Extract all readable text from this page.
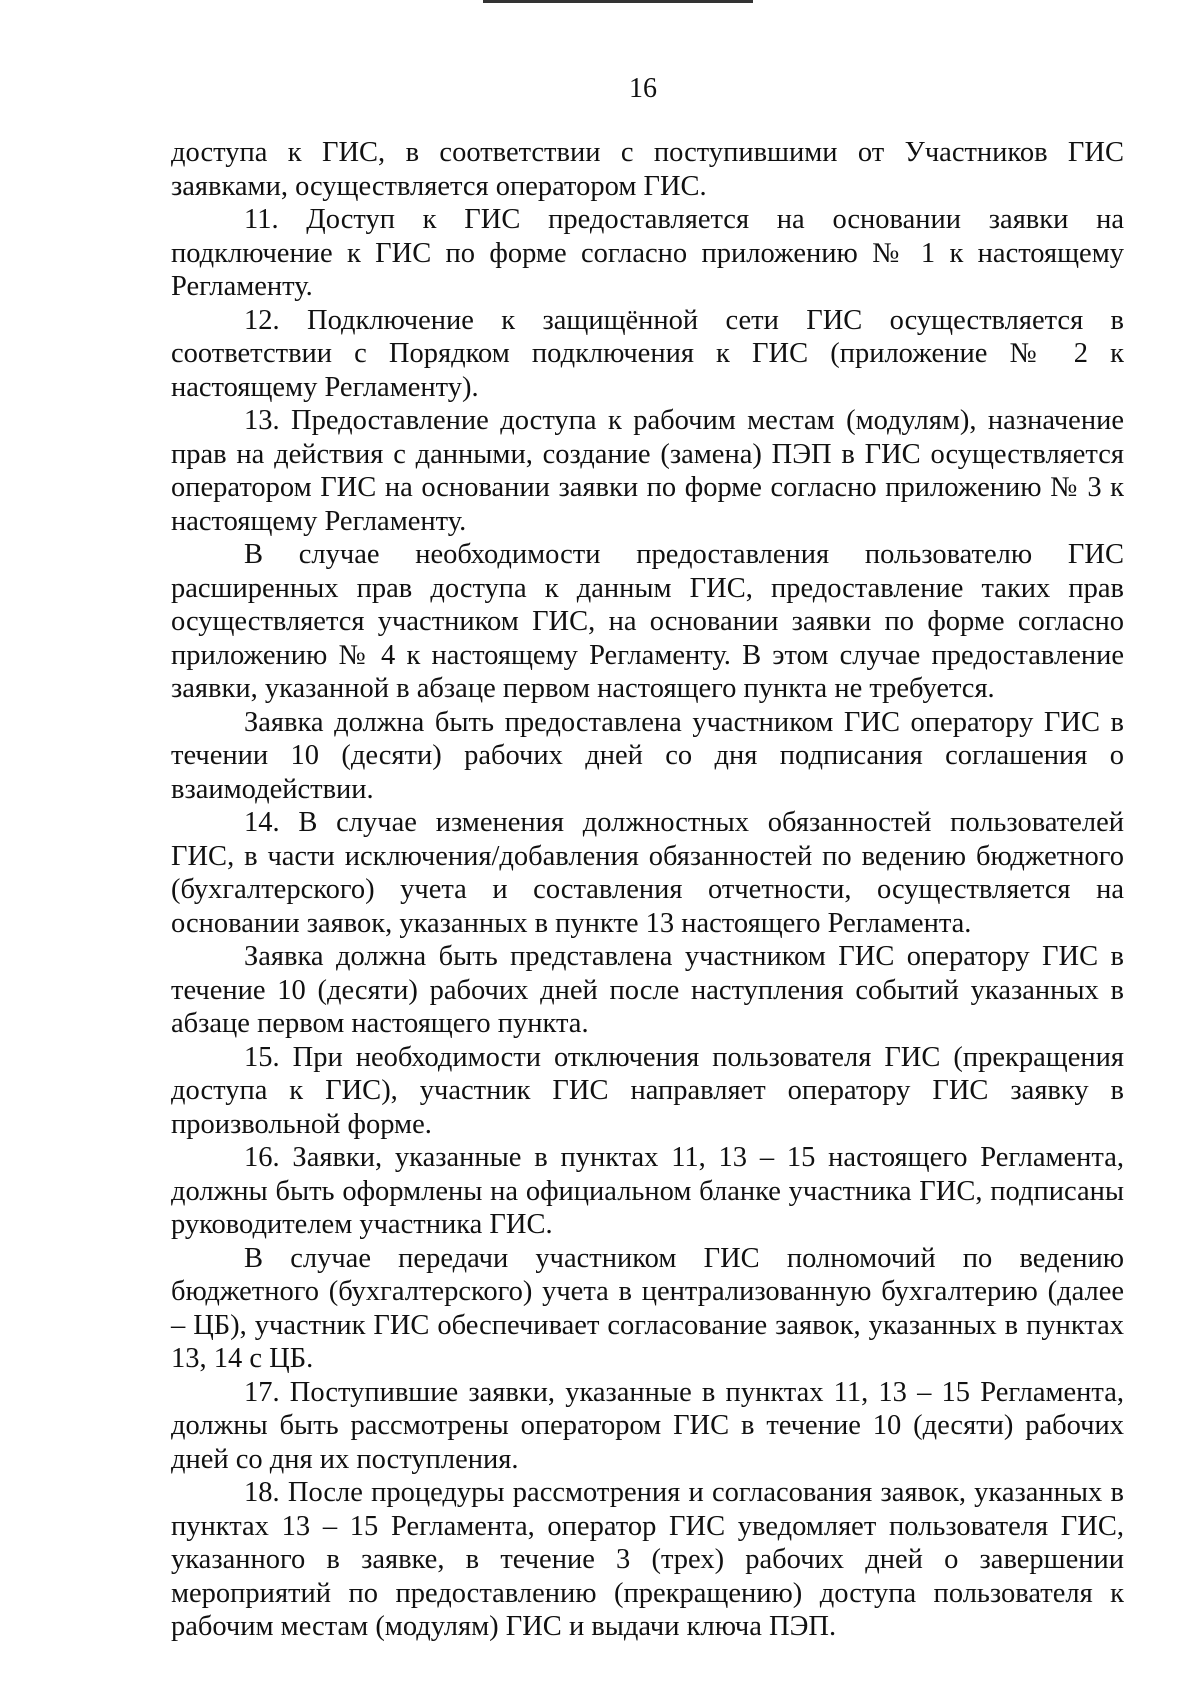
16

доступа к ГИС, в соответствии с поступившими от Участников ГИС заявками, осуществляется оператором ГИС.

11. Доступ к ГИС предоставляется на основании заявки на подключение к ГИС по форме согласно приложению № 1 к настоящему Регламенту.

12. Подключение к защищённой сети ГИС осуществляется в соответствии с Порядком подключения к ГИС (приложение № 2 к настоящему Регламенту).

13. Предоставление доступа к рабочим местам (модулям), назначение прав на действия с данными, создание (замена) ПЭП в ГИС осуществляется оператором ГИС на основании заявки по форме согласно приложению № 3 к настоящему Регламенту.

В случае необходимости предоставления пользователю ГИС расширенных прав доступа к данным ГИС, предоставление таких прав осуществляется участником ГИС, на основании заявки по форме согласно приложению № 4 к настоящему Регламенту. В этом случае предоставление заявки, указанной в абзаце первом настоящего пункта не требуется.

Заявка должна быть предоставлена участником ГИС оператору ГИС в течении 10 (десяти) рабочих дней со дня подписания соглашения о взаимодействии.

14. В случае изменения должностных обязанностей пользователей ГИС, в части исключения/добавления обязанностей по ведению бюджетного (бухгалтерского) учета и составления отчетности, осуществляется на основании заявок, указанных в пункте 13 настоящего Регламента.

Заявка должна быть представлена участником ГИС оператору ГИС в течение 10 (десяти) рабочих дней после наступления событий указанных в абзаце первом настоящего пункта.

15. При необходимости отключения пользователя ГИС (прекращения доступа к ГИС), участник ГИС направляет оператору ГИС заявку в произвольной форме.

16. Заявки, указанные в пунктах 11, 13 – 15 настоящего Регламента, должны быть оформлены на официальном бланке участника ГИС, подписаны руководителем участника ГИС.

В случае передачи участником ГИС полномочий по ведению бюджетного (бухгалтерского) учета в централизованную бухгалтерию (далее – ЦБ), участник ГИС обеспечивает согласование заявок, указанных в пунктах 13, 14 с ЦБ.

17. Поступившие заявки, указанные в пунктах 11, 13 – 15 Регламента, должны быть рассмотрены оператором ГИС в течение 10 (десяти) рабочих дней со дня их поступления.

18. После процедуры рассмотрения и согласования заявок, указанных в пунктах 13 – 15 Регламента, оператор ГИС уведомляет пользователя ГИС, указанного в заявке, в течение 3 (трех) рабочих дней о завершении мероприятий по предоставлению (прекращению) доступа пользователя к рабочим местам (модулям) ГИС и выдачи ключа ПЭП.
